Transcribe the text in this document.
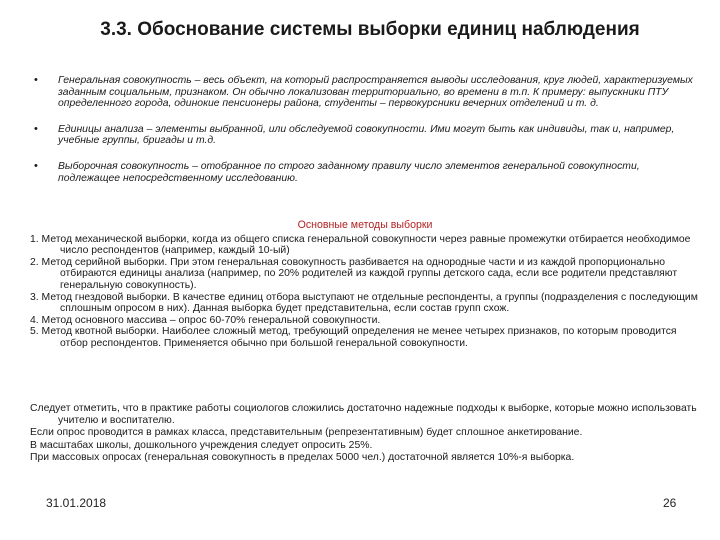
3.3. Обоснование системы выборки единиц наблюдения
• Генеральная совокупность – весь объект, на который распространяется выводы исследования, круг людей, характеризуемых заданным социальным, признаком. Он обычно локализован территориально, во времени в т.п. К примеру: выпускники ПТУ определенного города, одинокие пенсионеры района, студенты – первокурсники вечерних отделений и т. д.
• Единицы анализа – элементы выбранной, или обследуемой совокупности. Ими могут быть как индивиды, так и, например, учебные группы, бригады и т.д.
• Выборочная совокупность – отобранное по строго заданному правилу число элементов генеральной совокупности, подлежащее непосредственному исследованию.
Основные методы выборки

1. Метод механической выборки, когда из общего списка генеральной совокупности через равные промежутки отбирается необходимое число респондентов (например, каждый 10-ый)

2. Метод серийной выборки. При этом генеральная совокупность разбивается на однородные части и из каждой пропорционально отбираются единицы анализа (например, по 20% родителей из каждой группы детского сада, если все родители представляют генеральную совокупность).

3. Метод гнездовой выборки. В качестве единиц отбора выступают не отдельные респонденты, а группы (подразделения с последующим сплошным опросом в них). Данная выборка будет представительна, если состав групп схож.

4. Метод основного массива – опрос 60-70% генеральной совокупности.

5. Метод квотной выборки. Наиболее сложный метод, требующий определения не менее четырех признаков, по которым проводится отбор респондентов. Применяется обычно при большой генеральной совокупности.

Следует отметить, что в практике работы социологов сложились достаточно надежные подходы к выборке, которые можно использовать учителю и воспитателю.

Если опрос проводится в рамках класса, представительным (репрезентативным) будет сплошное анкетирование.

В масштабах школы, дошкольного учреждения следует опросить 25%.

При массовых опросах (генеральная совокупность в пределах 5000 чел.) достаточной является 10%-я выборка.

31.01.2018	26
